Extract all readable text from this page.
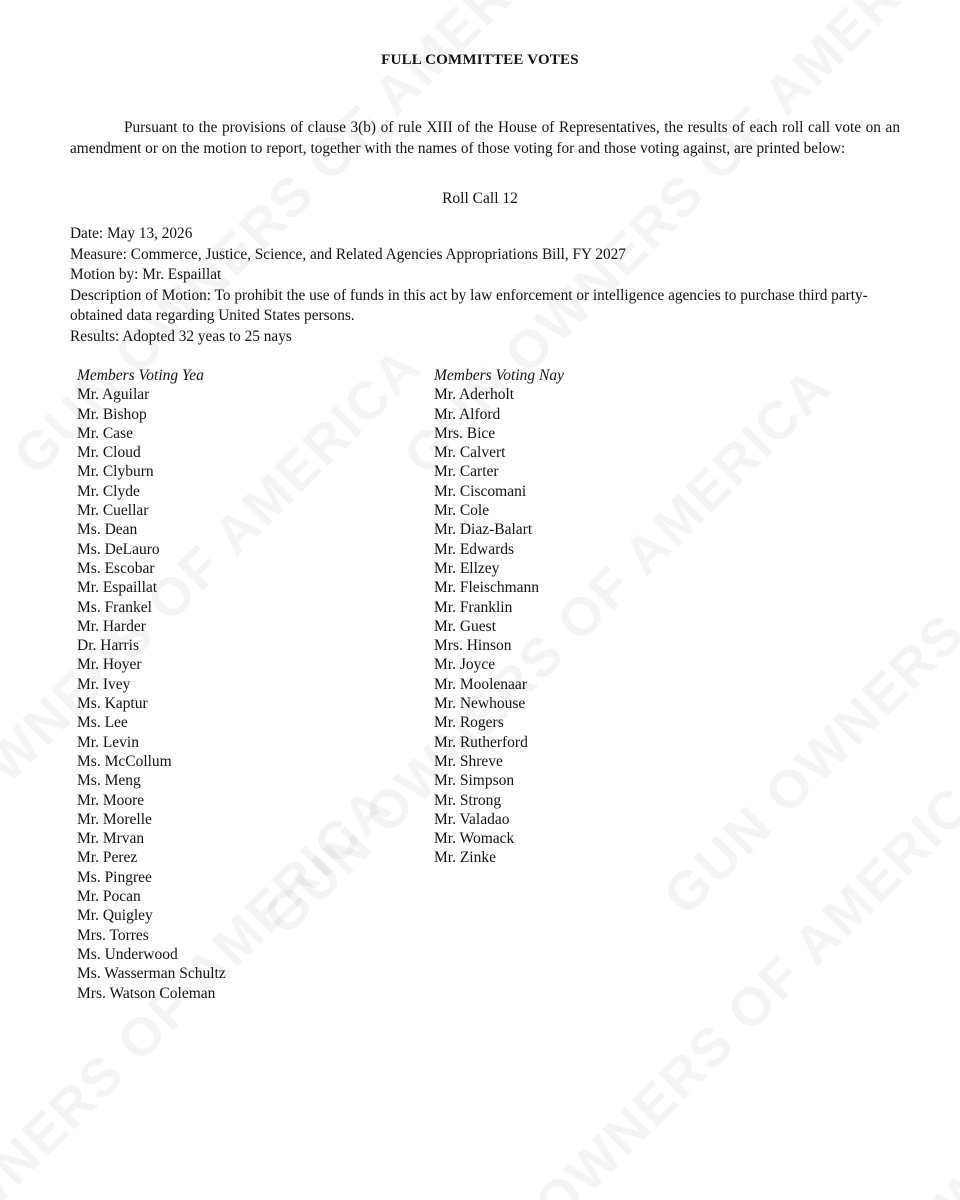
FULL COMMITTEE VOTES
Pursuant to the provisions of clause 3(b) of rule XIII of the House of Representatives, the results of each roll call vote on an amendment or on the motion to report, together with the names of those voting for and those voting against, are printed below:
Roll Call 12
Date: May 13, 2026
Measure: Commerce, Justice, Science, and Related Agencies Appropriations Bill, FY 2027
Motion by: Mr. Espaillat
Description of Motion: To prohibit the use of funds in this act by law enforcement or intelligence agencies to purchase third party-obtained data regarding United States persons.
Results: Adopted 32 yeas to 25 nays
Members Voting Yea
Mr. Aguilar
Mr. Bishop
Mr. Case
Mr. Cloud
Mr. Clyburn
Mr. Clyde
Mr. Cuellar
Ms. Dean
Ms. DeLauro
Ms. Escobar
Mr. Espaillat
Ms. Frankel
Mr. Harder
Dr. Harris
Mr. Hoyer
Mr. Ivey
Ms. Kaptur
Ms. Lee
Mr. Levin
Ms. McCollum
Ms. Meng
Mr. Moore
Mr. Morelle
Mr. Mrvan
Mr. Perez
Ms. Pingree
Mr. Pocan
Mr. Quigley
Mrs. Torres
Ms. Underwood
Ms. Wasserman Schultz
Mrs. Watson Coleman
Members Voting Nay
Mr. Aderholt
Mr. Alford
Mrs. Bice
Mr. Calvert
Mr. Carter
Mr. Ciscomani
Mr. Cole
Mr. Diaz-Balart
Mr. Edwards
Mr. Ellzey
Mr. Fleischmann
Mr. Franklin
Mr. Guest
Mrs. Hinson
Mr. Joyce
Mr. Moolenaar
Mr. Newhouse
Mr. Rogers
Mr. Rutherford
Mr. Shreve
Mr. Simpson
Mr. Strong
Mr. Valadao
Mr. Womack
Mr. Zinke
